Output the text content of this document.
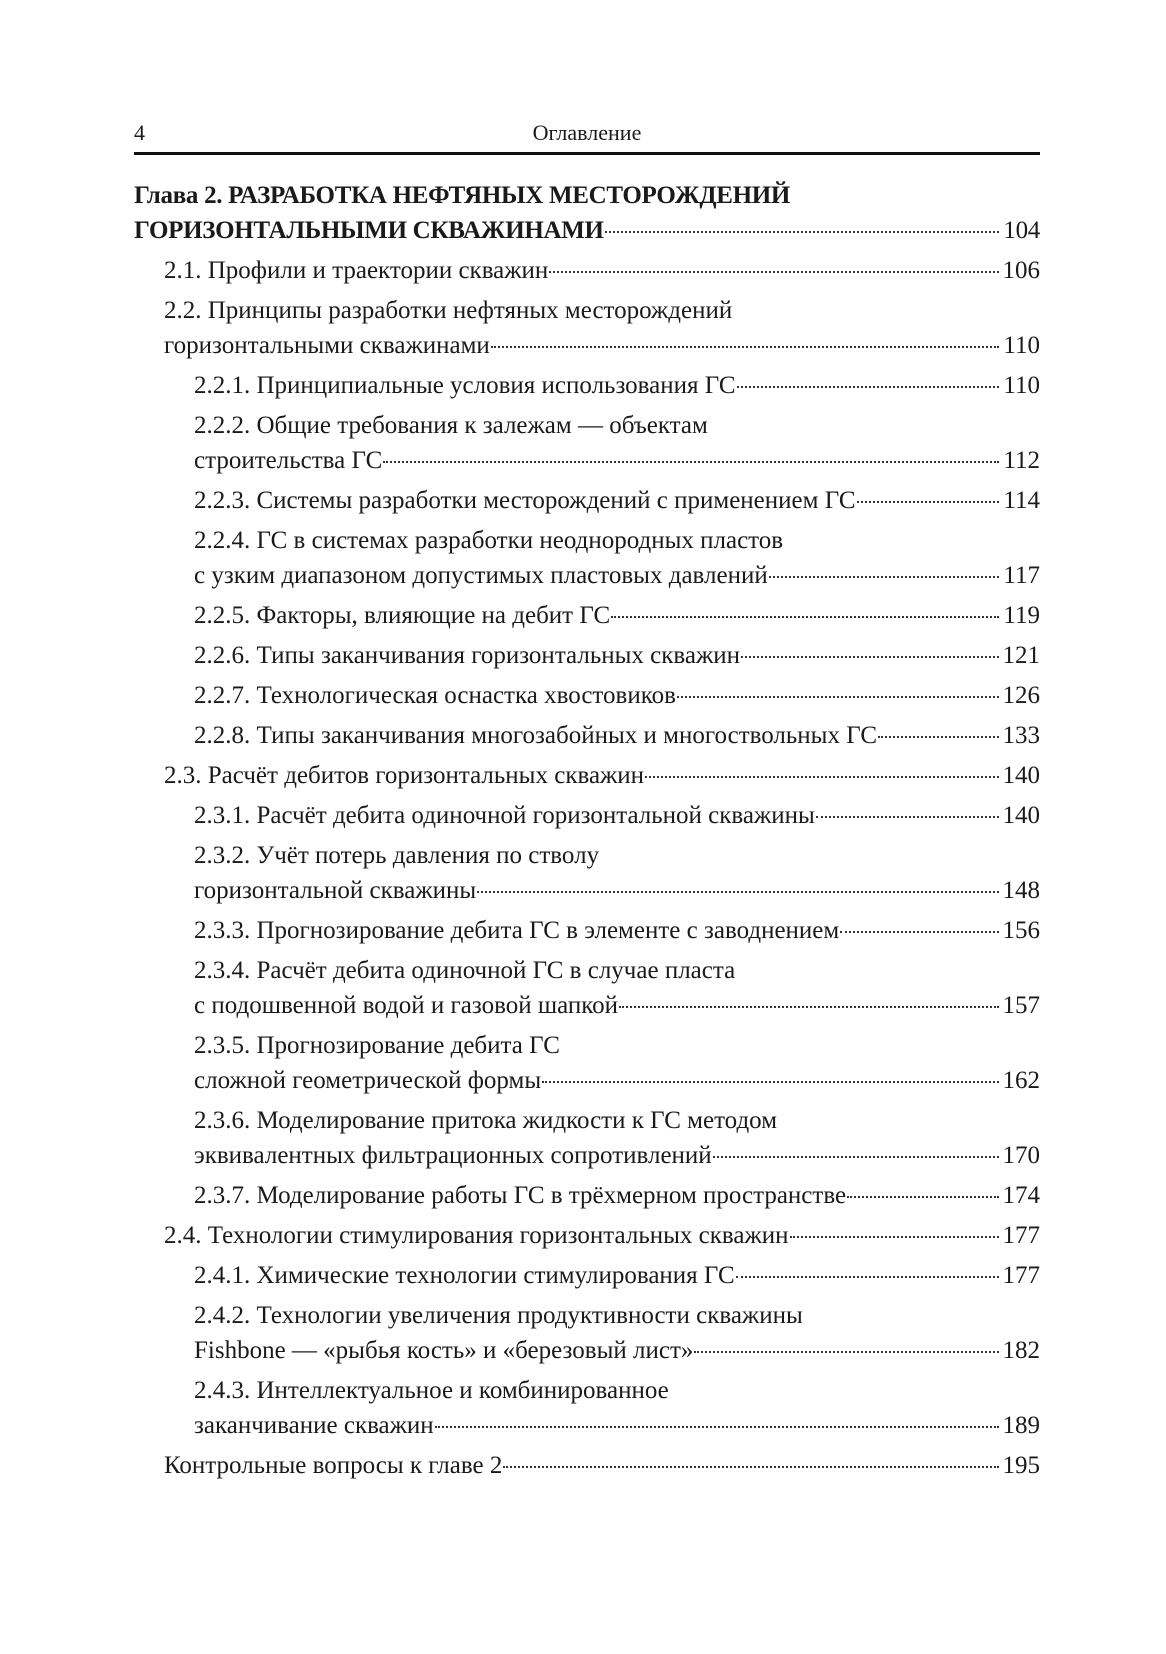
4	Оглавление
Глава 2. РАЗРАБОТКА НЕФТЯНЫХ МЕСТОРОЖДЕНИЙ
ГОРИЗОНТАЛЬНЫМИ СКВАЖИНАМИ	104
2.1. Профили и траектории скважин	106
2.2. Принципы разработки нефтяных месторождений
горизонтальными скважинами	110
2.2.1. Принципиальные условия использования ГС	110
2.2.2. Общие требования к залежам — объектам
строительства ГС	112
2.2.3. Системы разработки месторождений с применением ГС	114
2.2.4. ГС в системах разработки неоднородных пластов
с узким диапазоном допустимых пластовых давлений	117
2.2.5. Факторы, влияющие на дебит ГС	119
2.2.6. Типы заканчивания горизонтальных скважин	121
2.2.7. Технологическая оснастка хвостовиков	126
2.2.8. Типы заканчивания многозабойных и многоствольных ГС	133
2.3. Расчёт дебитов горизонтальных скважин	140
2.3.1. Расчёт дебита одиночной горизонтальной скважины	140
2.3.2. Учёт потерь давления по стволу
горизонтальной скважины	148
2.3.3. Прогнозирование дебита ГС в элементе с заводнением	156
2.3.4. Расчёт дебита одиночной ГС в случае пласта
с подошвенной водой и газовой шапкой	157
2.3.5. Прогнозирование дебита ГС
сложной геометрической формы	162
2.3.6. Моделирование притока жидкости к ГС методом
эквивалентных фильтрационных сопротивлений	170
2.3.7. Моделирование работы ГС в трёхмерном пространстве	174
2.4. Технологии стимулирования горизонтальных скважин	177
2.4.1. Химические технологии стимулирования ГС	177
2.4.2. Технологии увеличения продуктивности скважины
Fishbone — «рыбья кость» и «березовый лист»	182
2.4.3. Интеллектуальное и комбинированное
заканчивание скважин	189
Контрольные вопросы к главе 2	195
